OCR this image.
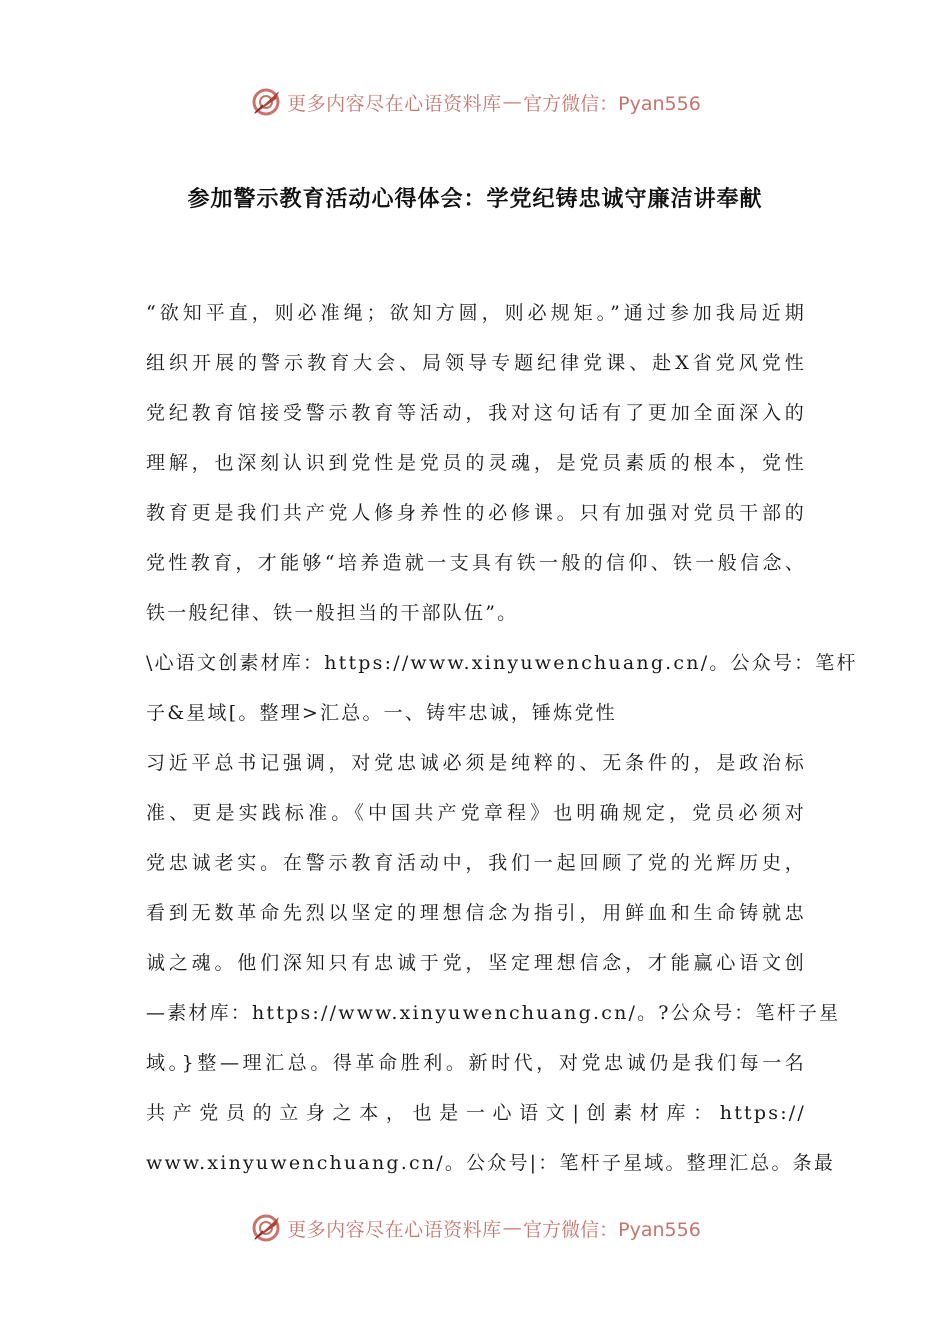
更多内容尽在心语资料库 — 官方微信：Pyan556
参加警示教育活动心得体会：学党纪铸忠诚守廉洁讲奉献
“欲知平直，则必准绳；欲知方圆，则必规矩。”通过参加我局近期
组织开展的警示教育大会、局领导专题纪律党课、赴X省党风党性
党纪教育馆接受警示教育等活动，我对这句话有了更加全面深入的
理解，也深刻认识到党性是党员的灵魂，是党员素质的根本，党性
教育更是我们共产党人修身养性的必修课。只有加强对党员干部的
党性教育，才能够“培养造就一支具有铁一般的信仰、铁一般信念、
铁一般纪律、铁一般担当的干部队伍”。
\心语文创素材库：https://www.xinyuwenchuang.cn/。公众号：笔杆
子&星域[。整理>汇总。一、铸牢忠诚，锤炼党性
习近平总书记强调，对党忠诚必须是纯粹的、无条件的，是政治标
准、更是实践标准。《中国共产党章程》也明确规定，党员必须对
党忠诚老实。在警示教育活动中，我们一起回顾了党的光辉历史，
看到无数革命先烈以坚定的理想信念为指引，用鲜血和生命铸就忠
诚之魂。他们深知只有忠诚于党，坚定理想信念，才能赢心语文创
—素材库：https://www.xinyuwenchuang.cn/。?公众号：笔杆子星
域。}整—理汇总。得革命胜利。新时代，对党忠诚仍是我们每一名
共产党员的立身之本，也是一心语文|创素材库：https://
www.xinyuwenchuang.cn/。公众号|：笔杆子星域。整理汇总。条最
更多内容尽在心语资料库 — 官方微信：Pyan556
